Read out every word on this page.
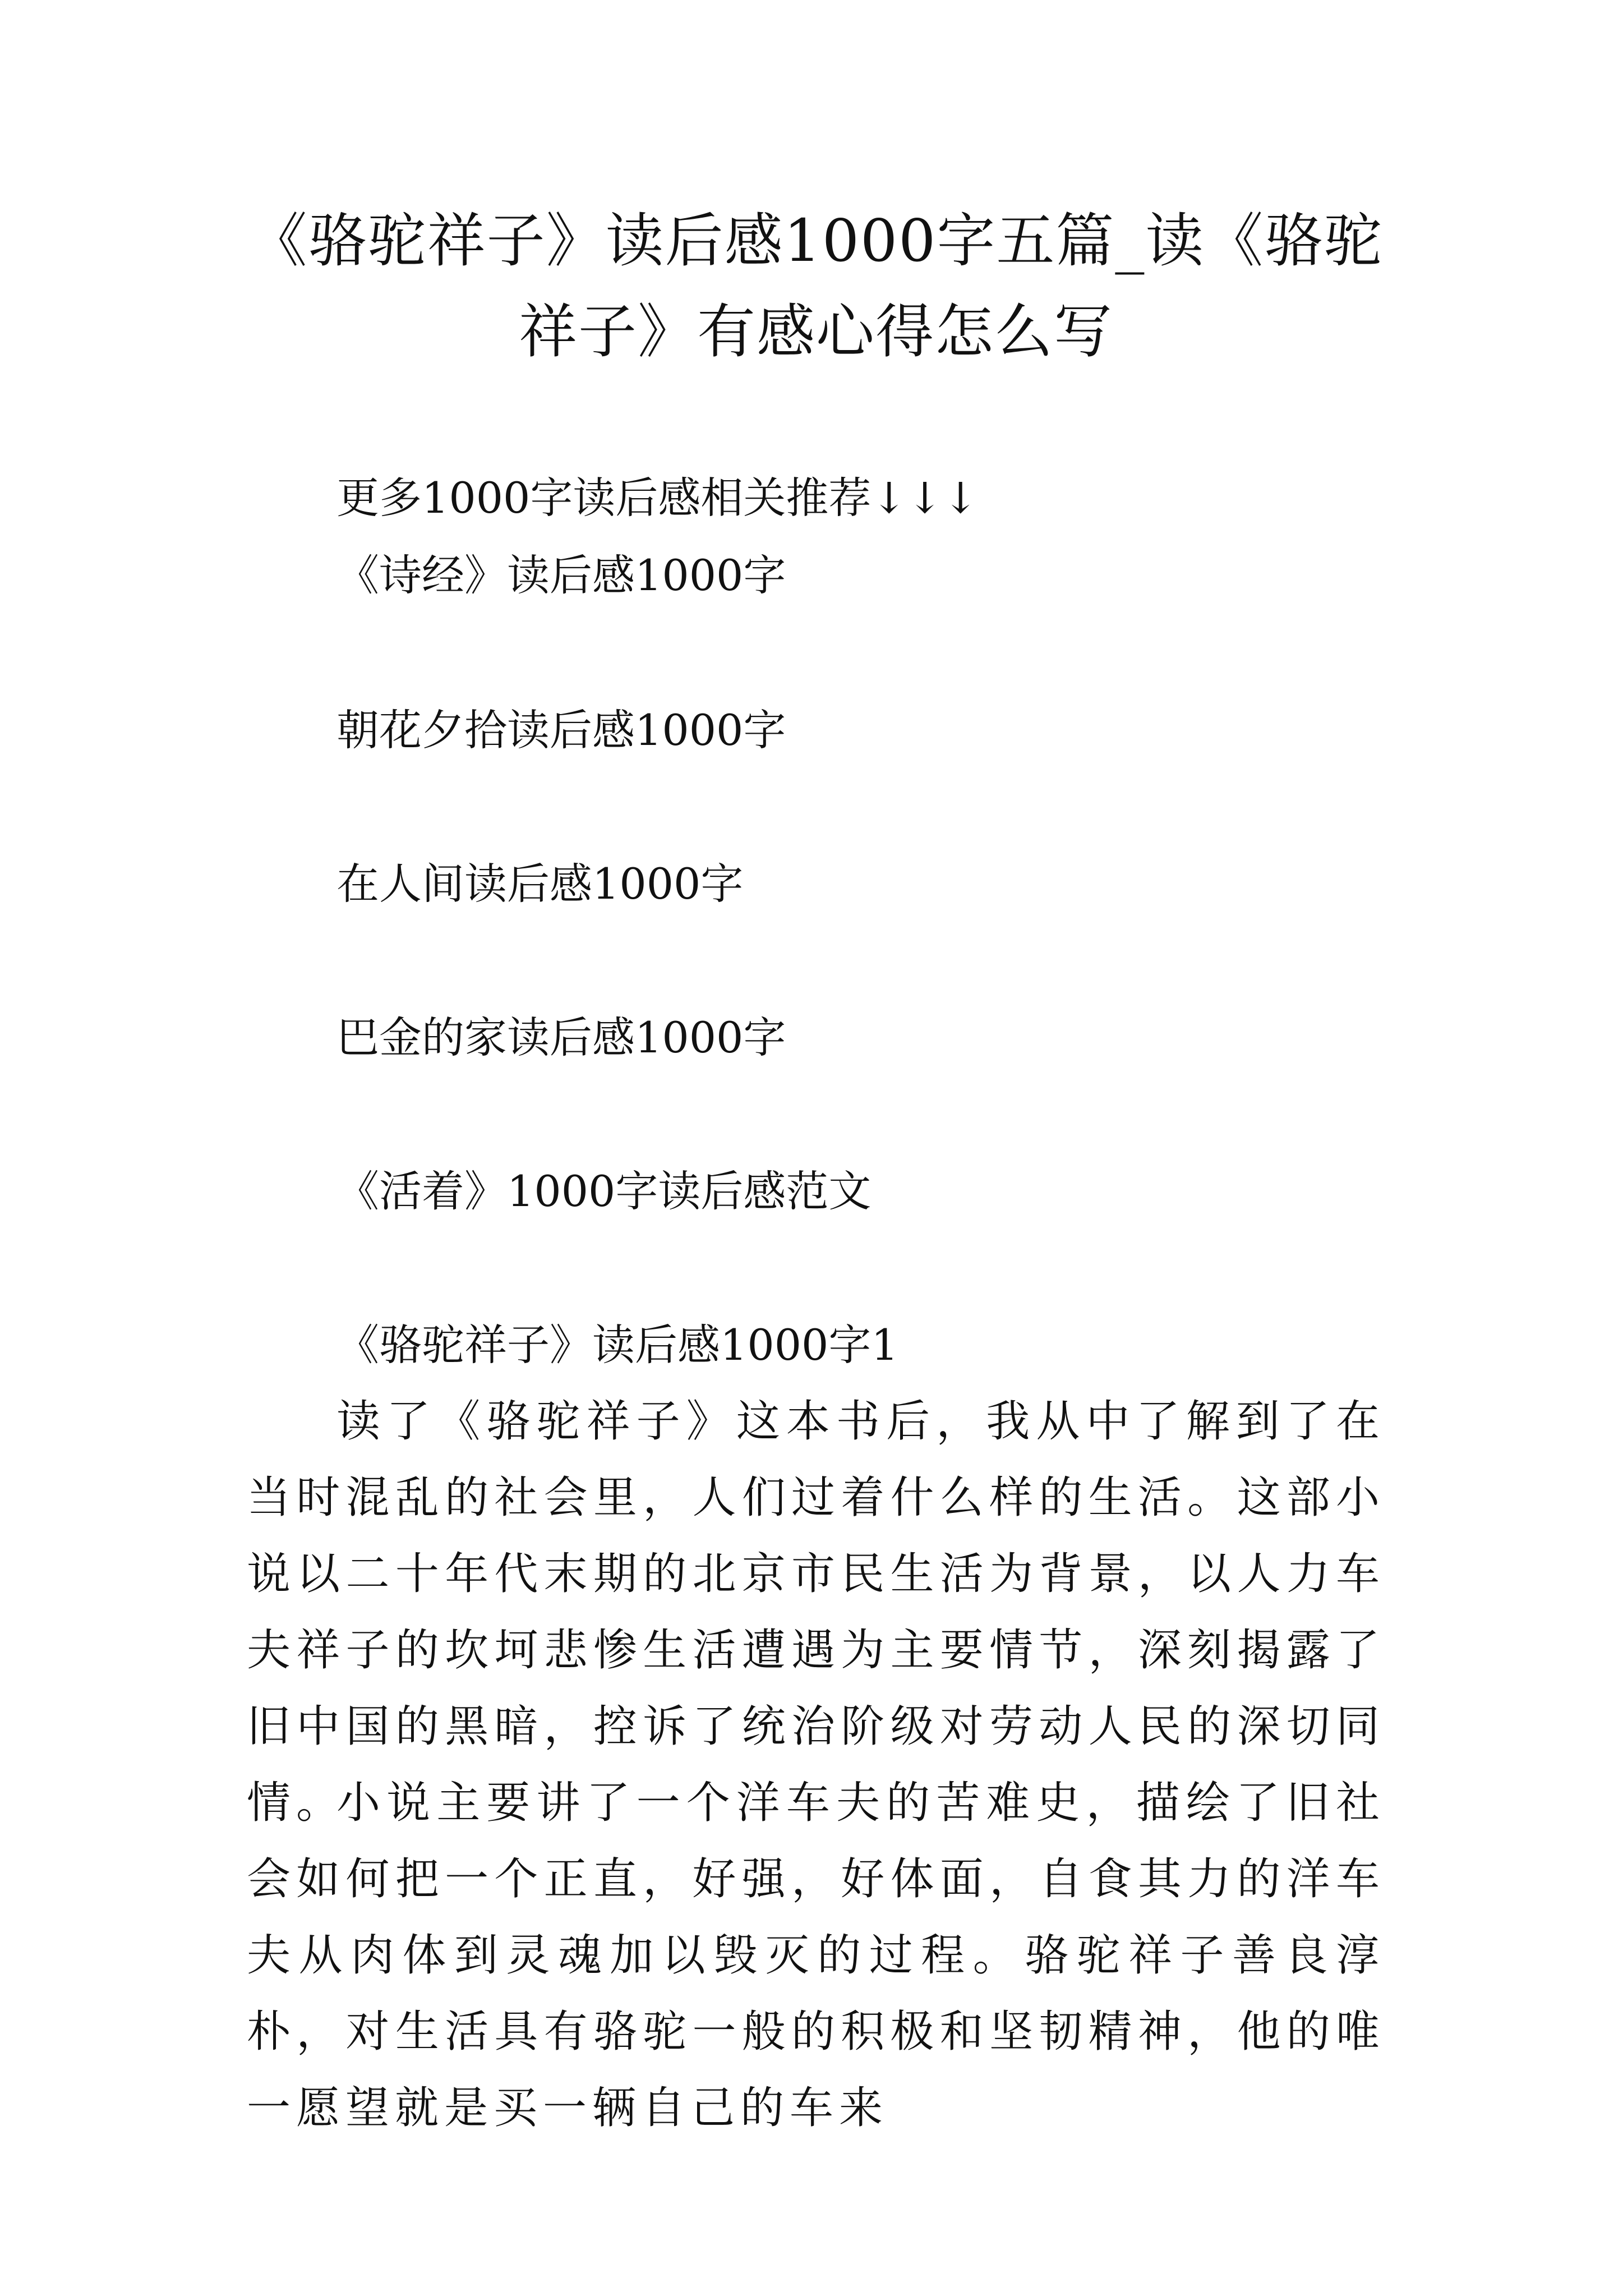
《骆驼祥子》读后感1000字五篇_读《骆驼祥子》有感心得怎么写

更多1000字读后感相关推荐↓↓↓

《诗经》读后感1000字

朝花夕拾读后感1000字

在人间读后感1000字

巴金的家读后感1000字

《活着》1000字读后感范文

《骆驼祥子》读后感1000字1

读了《骆驼祥子》这本书后，我从中了解到了在当时混乱的社会里，人们过着什么样的生活。这部小说以二十年代末期的北京市民生活为背景，以人力车夫祥子的坎坷悲惨生活遭遇为主要情节，深刻揭露了旧中国的黑暗，控诉了统治阶级对劳动人民的深切同情。

小说主要讲了一个洋车夫的苦难史，描绘了旧社会如何把一个正直，好强，好体面，自食其力的洋车夫从肉体到灵魂加以毁灭的过程。骆驼祥子善良淳朴，对生活具有骆驼一般的积极和坚韧精神，他的唯一愿望就是买一辆自己的车来
